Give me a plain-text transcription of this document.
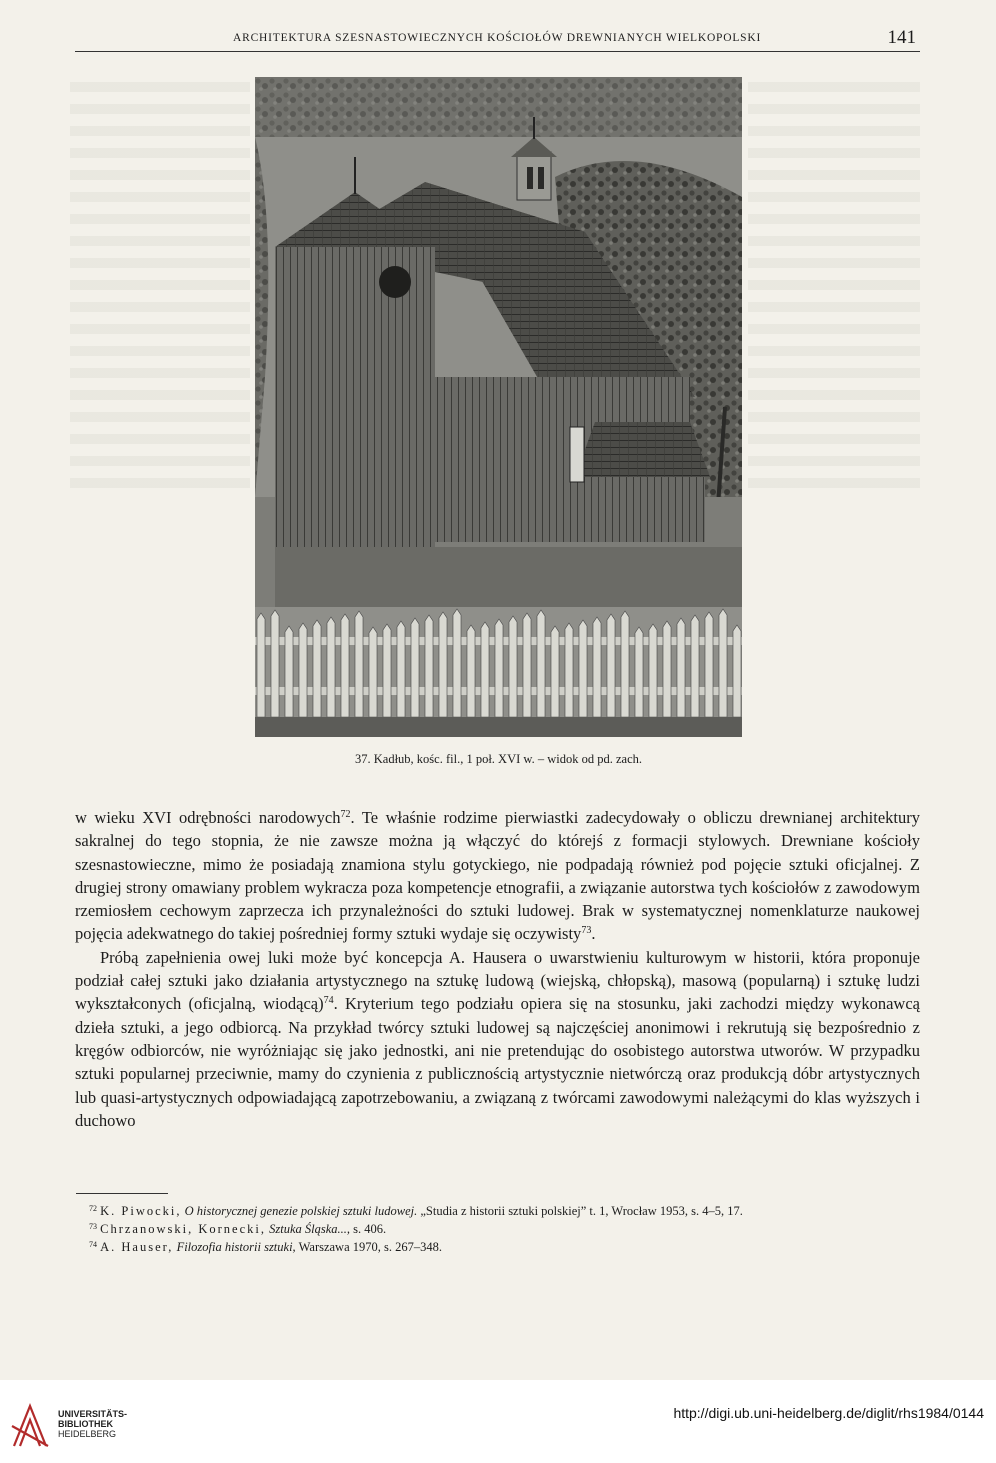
ARCHITEKTURA SZESNASTOWIECZNYCH KOŚCIOŁÓW DREWNIANYCH WIELKOPOLSKI	141
37. Kadłub, kośc. fil., 1 poł. XVI w. – widok od pd. zach.

w wieku XVI odrębności narodowych$^{72}$. Te właśnie rodzime pierwiastki zadecydowały o obliczu drewnianej architektury sakralnej do tego stopnia, że nie zawsze można ją włączyć do którejś z formacji stylowych. Drewniane kościoły szesnastowieczne, mimo że posiadają znamiona stylu gotyckiego, nie podpadają również pod pojęcie sztuki oficjalnej. Z drugiej strony omawiany problem wykracza poza kompetencje etnografii, a związanie autorstwa tych kościołów z zawodowym rzemiosłem cechowym zaprzecza ich przynależności do sztuki ludowej. Brak w systematycznej nomenklaturze naukowej pojęcia adekwatnego do takiej pośredniej formy sztuki wydaje się oczywisty$^{73}$.

Próbą zapełnienia owej luki może być koncepcja A. Hausera o uwarstwieniu kulturowym w historii, która proponuje podział całej sztuki jako działania artystycznego na sztukę ludową (wiejską, chłopską), masową (popularną) i sztukę ludzi wykształconych (oficjalną, wiodącą)$^{74}$. Kryterium tego podziału opiera się na stosunku, jaki zachodzi między wykonawcą dzieła sztuki, a jego odbiorcą. Na przykład twórcy sztuki ludowej są najczęściej anonimowi i rekrutują się bezpośrednio z kręgów odbiorców, nie wyróżniając się jako jednostki, ani nie pretendując do osobistego autorstwa utworów. W przypadku sztuki popularnej przeciwnie, mamy do czynienia z publicznością artystycznie nietwórczą oraz produkcją dóbr artystycznych lub quasi-artystycznych odpowiadającą zapotrzebowaniu, a związaną z twórcami zawodowymi należącymi do klas wyższych i duchowo

$^{72}$ K. Piwocki, O historycznej genezie polskiej sztuki ludowej. „Studia z historii sztuki polskiej” t. 1, Wrocław 1953, s. 4–5, 17.

$^{73}$ Chrzanowski, Kornecki, Sztuka Śląska..., s. 406.

$^{74}$ A. Hauser, Filozofia historii sztuki, Warszawa 1970, s. 267–348.

UNIVERSITÄTS-
BIBLIOTHEK
HEIDELBERG
http://digi.ub.uni-heidelberg.de/diglit/rhs1984/0144
